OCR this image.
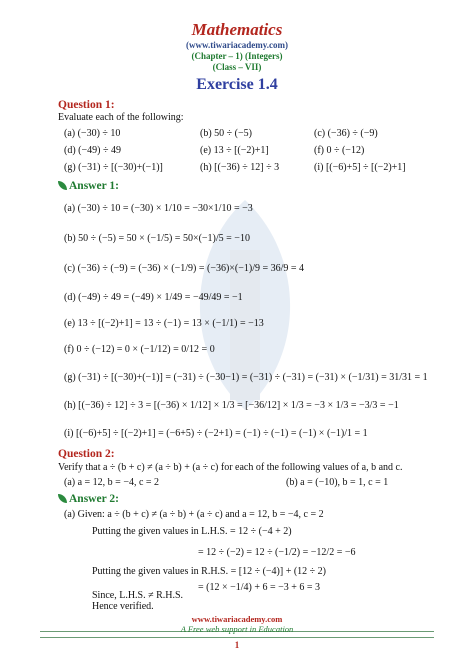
Mathematics
(www.tiwariacademy.com)
(Chapter – 1) (Integers)
(Class – VII)
Exercise 1.4
Question 1:
Evaluate each of the following:
(a) (−30) ÷ 10	(b) 50 ÷ (−5)	(c) (−36) ÷ (−9)
(d) (−49) ÷ 49	(e) 13 ÷ [(−2)+1]	(f) 0 ÷ (−12)
(g) (−31) ÷ [(−30)+(−1)]	(h) [(−36) ÷ 12] ÷ 3	(i) [(−6)+5] ÷ [(−2)+1]
Answer 1:
(a) (−30) ÷ 10 = (−30) × 1/10 = −30×1/10 = −3
(b) 50 ÷ (−5) = 50 × (−1/5) = 50×(−1)/5 = −10
(c) (−36) ÷ (−9) = (−36) × (−1/9) = (−36)×(−1)/9 = 36/9 = 4
(d) (−49) ÷ 49 = (−49) × 1/49 = −49/49 = −1
(e) 13 ÷ [(−2)+1] = 13 ÷ (−1) = 13 × (−1/1) = −13
(f) 0 ÷ (−12) = 0 × (−1/12) = 0/12 = 0
(g) (−31) ÷ [(−30)+(−1)] = (−31) ÷ (−30−1) = (−31) ÷ (−31) = (−31) × (−1/31) = 31/31 = 1
(h) [(−36) ÷ 12] ÷ 3 = [(−36) × 1/12] × 1/3 = [−36/12] × 1/3 = −3 × 1/3 = −3/3 = −1
(i) [(−6)+5] ÷ [(−2)+1] = (−6+5) ÷ (−2+1) = (−1) ÷ (−1) = (−1) × (−1)/1 = 1
Question 2:
Verify that a ÷ (b + c) ≠ (a ÷ b) + (a ÷ c) for each of the following values of a, b and c.
(a) a = 12, b = −4, c = 2	(b) a = (−10), b = 1, c = 1
Answer 2:
(a) Given: a ÷ (b + c) ≠ (a ÷ b) + (a ÷ c) and a = 12, b = −4, c = 2
Putting the given values in L.H.S. = 12 ÷ (−4 + 2)
= 12 ÷ (−2) = 12 ÷ (−1/2) = −12/2 = −6
Putting the given values in R.H.S. = [12 ÷ (−4)] + (12 ÷ 2)
= (12 × −1/4) + 6 = −3 + 6 = 3
Since, L.H.S. ≠ R.H.S.
Hence verified.
www.tiwariacademy.com
A Free web support in Education
1
